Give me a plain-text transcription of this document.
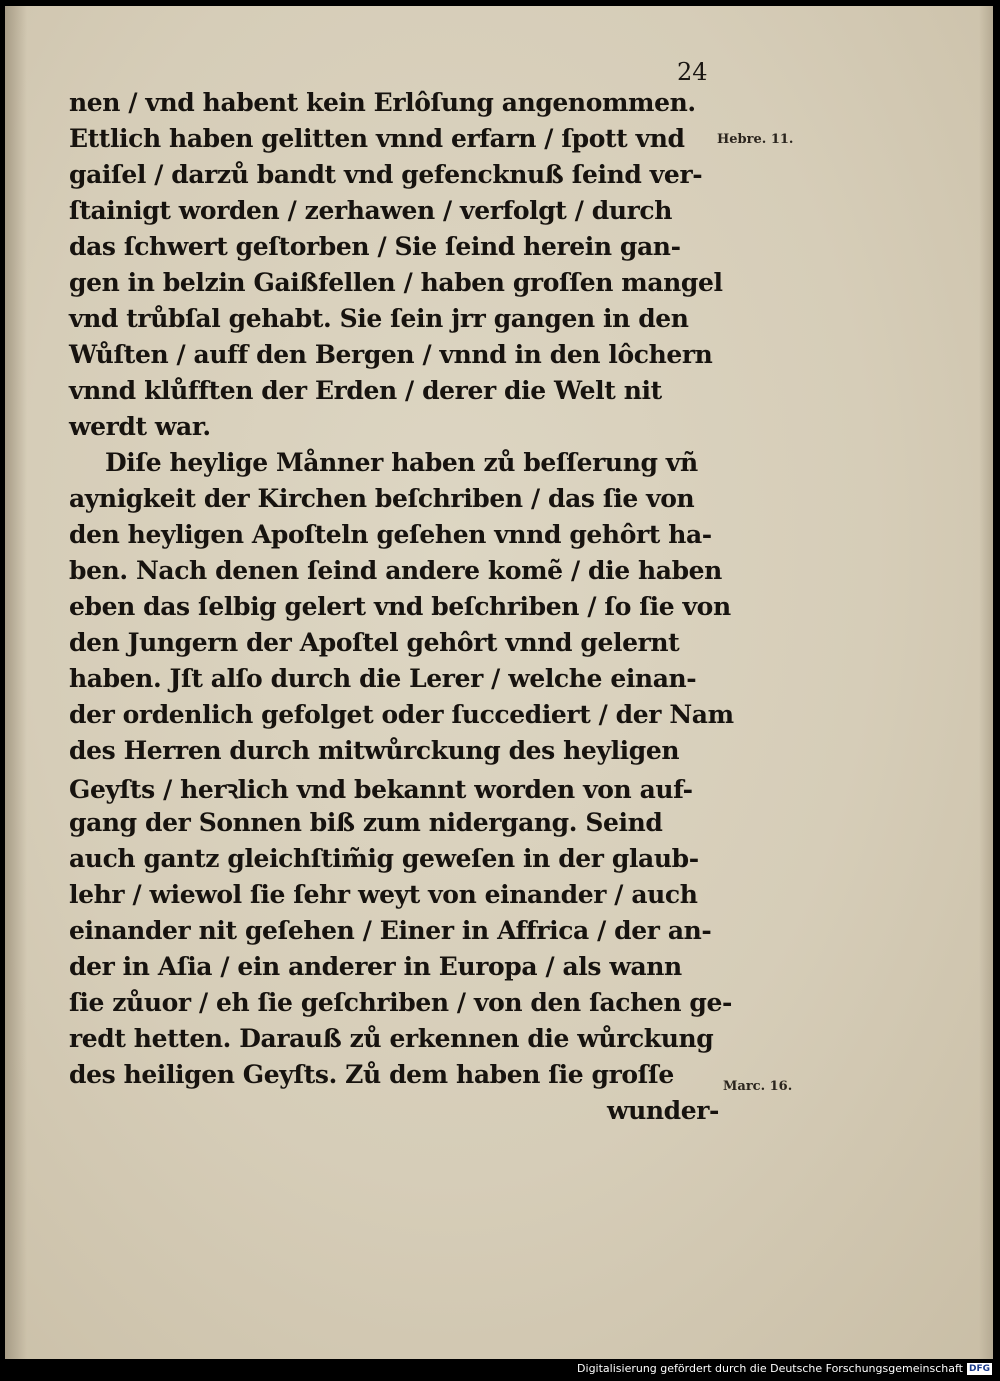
24
nen / vnd habent kein Erlôſung angenommen.
Ettlich haben gelitten vnnd erfarn / ſpott vnd
gaiſel / darzů bandt vnd gefencknuß ſeind ver-
ſtainigt worden / zerhawen / verfolgt / durch
das ſchwert geſtorben / Sie ſeind herein gan-
gen in belzin Gaißfellen / haben groſſen mangel
vnd trůbſal gehabt. Sie ſein jrr gangen in den
Wůſten / auff den Bergen / vnnd in den lôchern
vnnd klůfften der Erden / derer die Welt nit
werdt war.
Diſe heylige Månner haben zů beſſerung vñ
aynigkeit der Kirchen beſchriben / das ſie von
den heyligen Apoſteln geſehen vnnd gehôrt ha-
ben. Nach denen ſeind andere komẽ / die haben
eben das ſelbig gelert vnd beſchriben / ſo ſie von
den Jungern der Apoſtel gehôrt vnnd gelernt
haben. Jſt alſo durch die Lerer / welche einan-
der ordenlich gefolget oder ſuccediert / der Nam
des Herren durch mitwůrckung des heyligen
Geyſts / herꝛlich vnd bekannt worden von auf-
gang der Sonnen biß zum nidergang. Seind
auch gantz gleichſtim̃ig geweſen in der glaub-
lehr / wiewol ſie ſehr weyt von einander / auch
einander nit geſehen / Einer in Affrica / der an-
der in Aſia / ein anderer in Europa / als wann
ſie zůuor / eh ſie geſchriben / von den ſachen ge-
redt hetten. Darauß zů erkennen die wůrckung
des heiligen Geyſts. Zů dem haben ſie groſſe
wunder-
Hebre. 11.
Marc. 16.
Digitalisierung gefördert durch die Deutsche Forschungsgemeinschaft DFG
